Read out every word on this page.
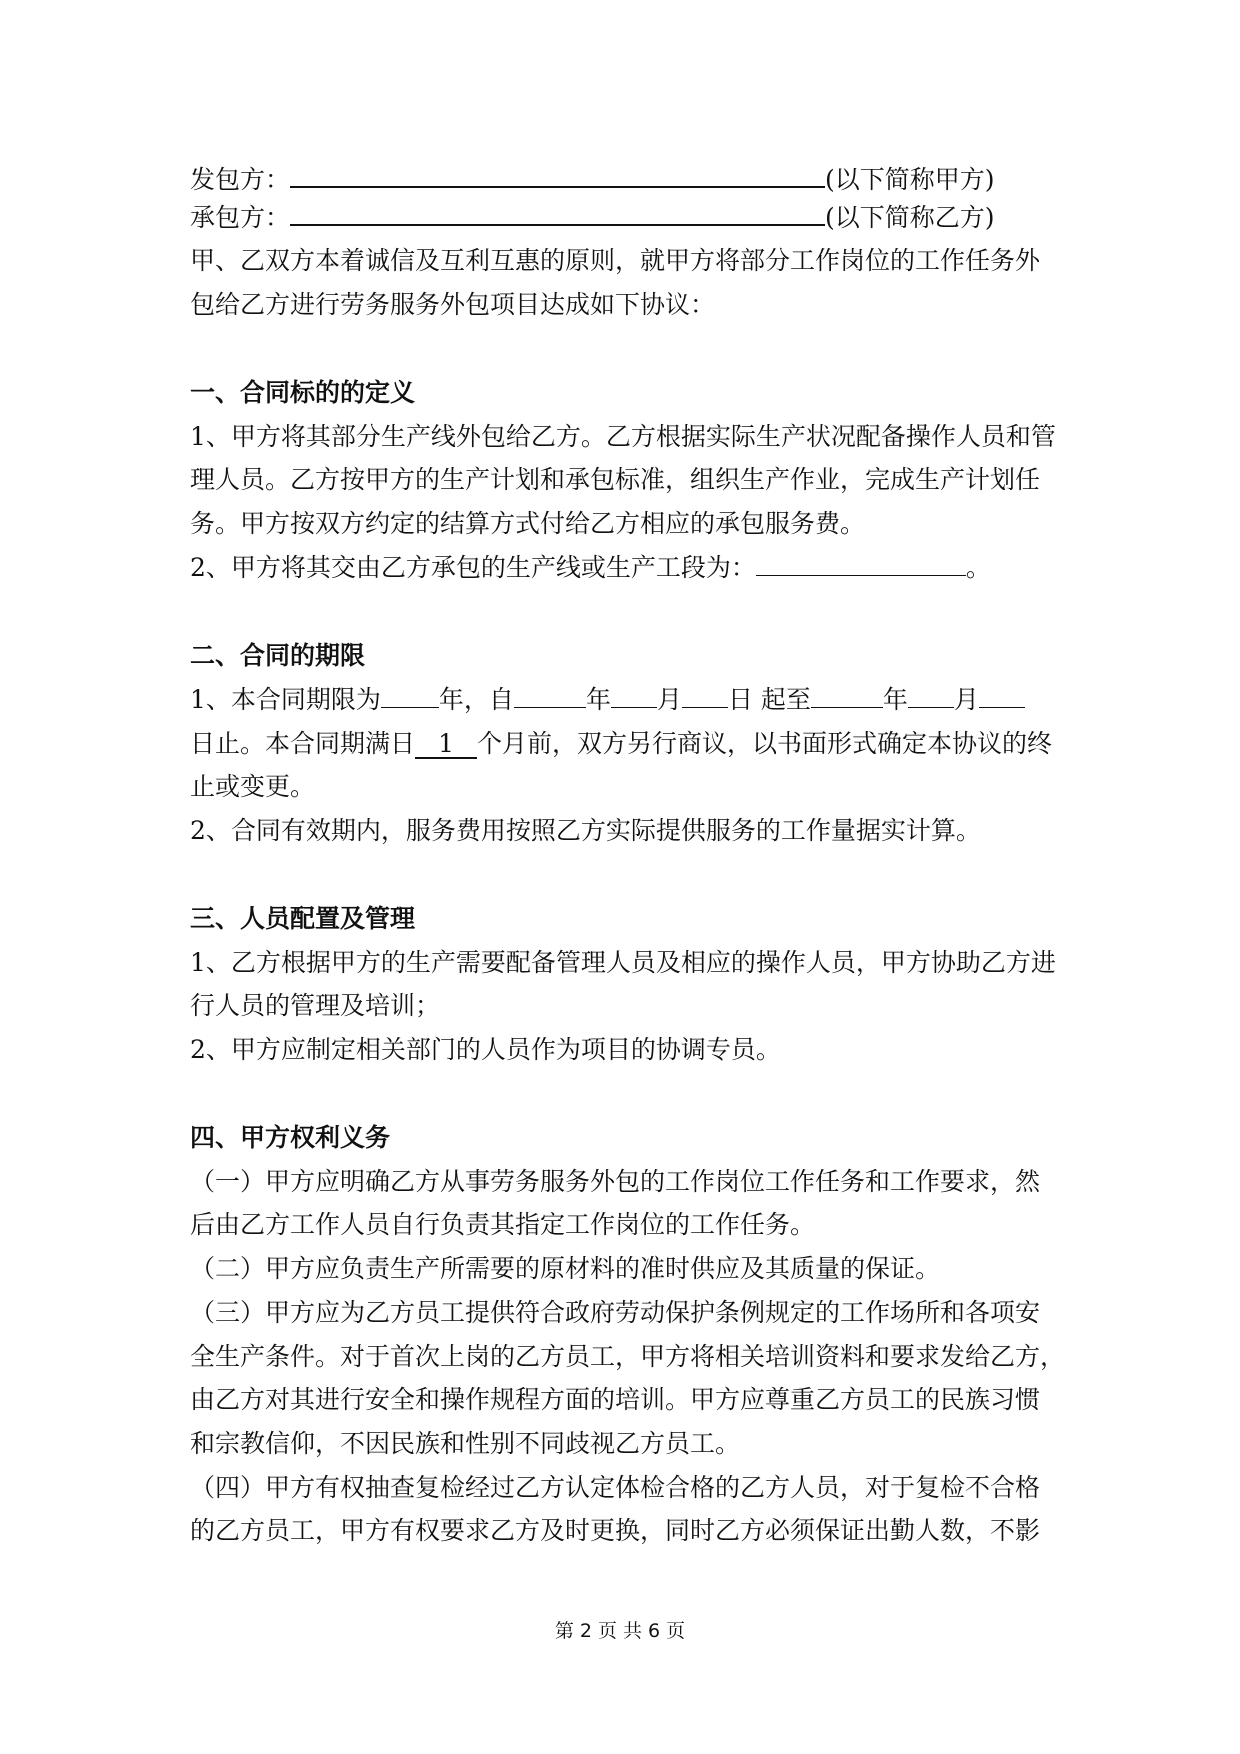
发包方：	(以下简称甲方)
承包方：	(以下简称乙方)
甲、乙双方本着诚信及互利互惠的原则，就甲方将部分工作岗位的工作任务外
包给乙方进行劳务服务外包项目达成如下协议：
一、合同标的的定义
1、甲方将其部分生产线外包给乙方。乙方根据实际生产状况配备操作人员和管
理人员。乙方按甲方的生产计划和承包标准，组织生产作业，完成生产计划任
务。甲方按双方约定的结算方式付给乙方相应的承包服务费。
2、甲方将其交由乙方承包的生产线或生产工段为：	。
二、合同的期限
1、本合同期限为 年，自	年 月 日 起至	年 月
日止。本合同期满日 1 个月前，双方另行商议，以书面形式确定本协议的终
止或变更。
2、合同有效期内，服务费用按照乙方实际提供服务的工作量据实计算。
三、人员配置及管理
1、乙方根据甲方的生产需要配备管理人员及相应的操作人员，甲方协助乙方进
行人员的管理及培训；
2、甲方应制定相关部门的人员作为项目的协调专员。
四、甲方权利义务
（一）甲方应明确乙方从事劳务服务外包的工作岗位工作任务和工作要求，然
后由乙方工作人员自行负责其指定工作岗位的工作任务。
（二）甲方应负责生产所需要的原材料的准时供应及其质量的保证。
（三）甲方应为乙方员工提供符合政府劳动保护条例规定的工作场所和各项安
全生产条件。对于首次上岗的乙方员工，甲方将相关培训资料和要求发给乙方，
由乙方对其进行安全和操作规程方面的培训。甲方应尊重乙方员工的民族习惯
和宗教信仰，不因民族和性别不同歧视乙方员工。
（四）甲方有权抽查复检经过乙方认定体检合格的乙方人员，对于复检不合格
的乙方员工，甲方有权要求乙方及时更换，同时乙方必须保证出勤人数，不影
第 2 页 共 6 页
